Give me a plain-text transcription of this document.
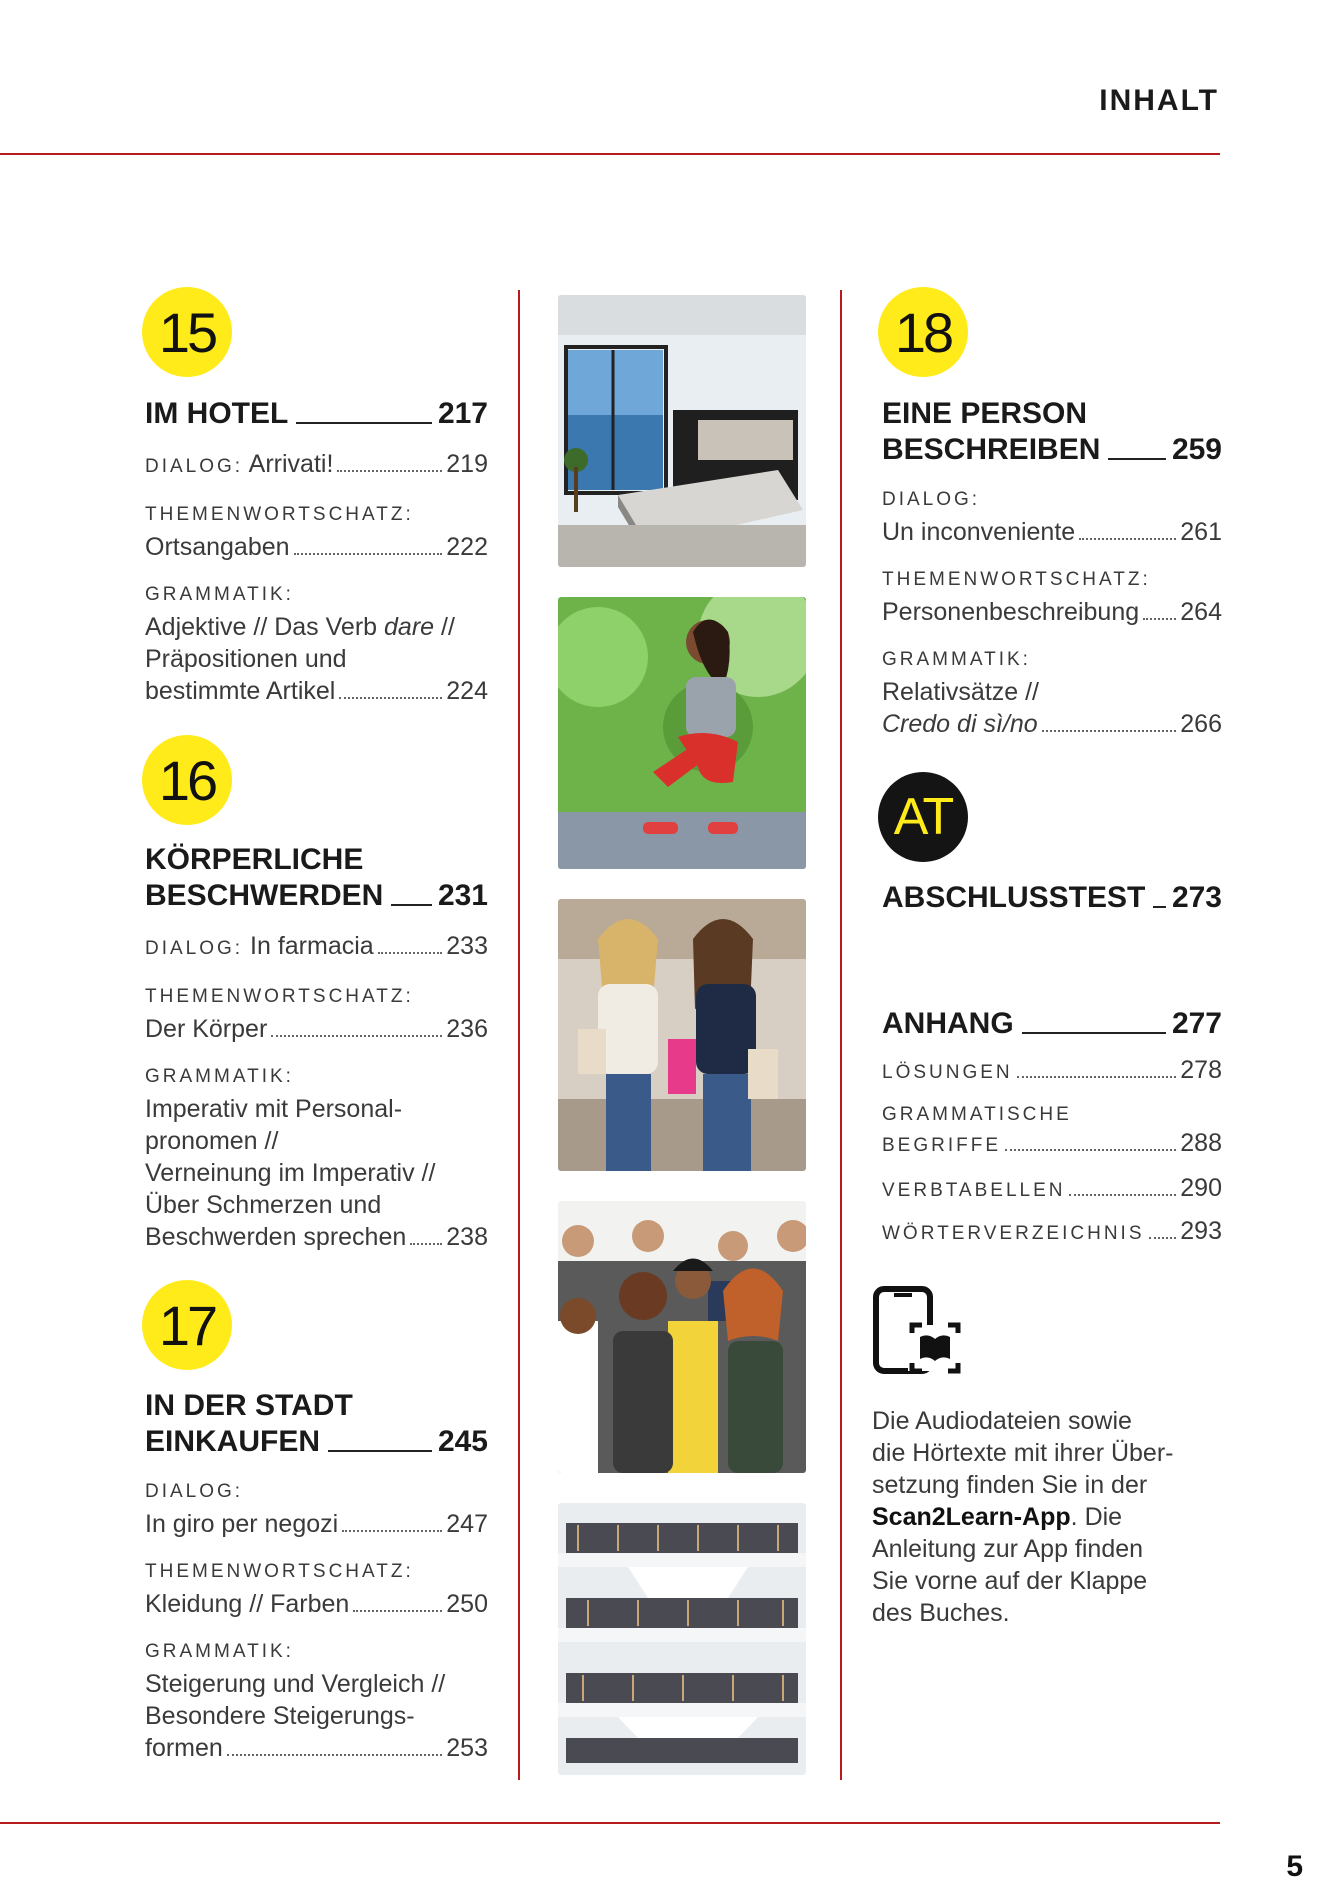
INHALT
15
IM HOTEL	217
DIALOG: Arrivati!	219
THEMENWORTSCHATZ:
Ortsangaben	222
GRAMMATIK:
Adjektive // Das Verb dare //
Präpositionen und
bestimmte Artikel	224
16
KÖRPERLICHE
BESCHWERDEN 231
DIALOG: In farmacia	233
THEMENWORTSCHATZ:
Der Körper	236
GRAMMATIK:
Imperativ mit Personal-
pronomen //
Verneinung im Imperativ //
Über Schmerzen und
Beschwerden sprechen 238
17
IN DER STADT
EINKAUFEN	245
DIALOG:
In giro per negozi	247
THEMENWORTSCHATZ:
Kleidung // Farben	250
GRAMMATIK:
Steigerung und Vergleich //
Besondere Steigerungs-
formen	253
18
EINE PERSON
BESCHREIBEN 259
DIALOG:
Un inconveniente	261
THEMENWORTSCHATZ:
Personenbeschreibung 264
GRAMMATIK:
Relativsätze //
Credo di sì/no	266
AT
ABSCHLUSSTEST 273
ANHANG	277
LÖSUNGEN	278
GRAMMATISCHE
BEGRIFFE	288
VERBTABELLEN	290
WÖRTERVERZEICHNIS 293
Die Audiodateien sowie
die Hörtexte mit ihrer Über-
setzung finden Sie in der
Scan2Learn-App. Die
Anleitung zur App finden
Sie vorne auf der Klappe
des Buches.
5
